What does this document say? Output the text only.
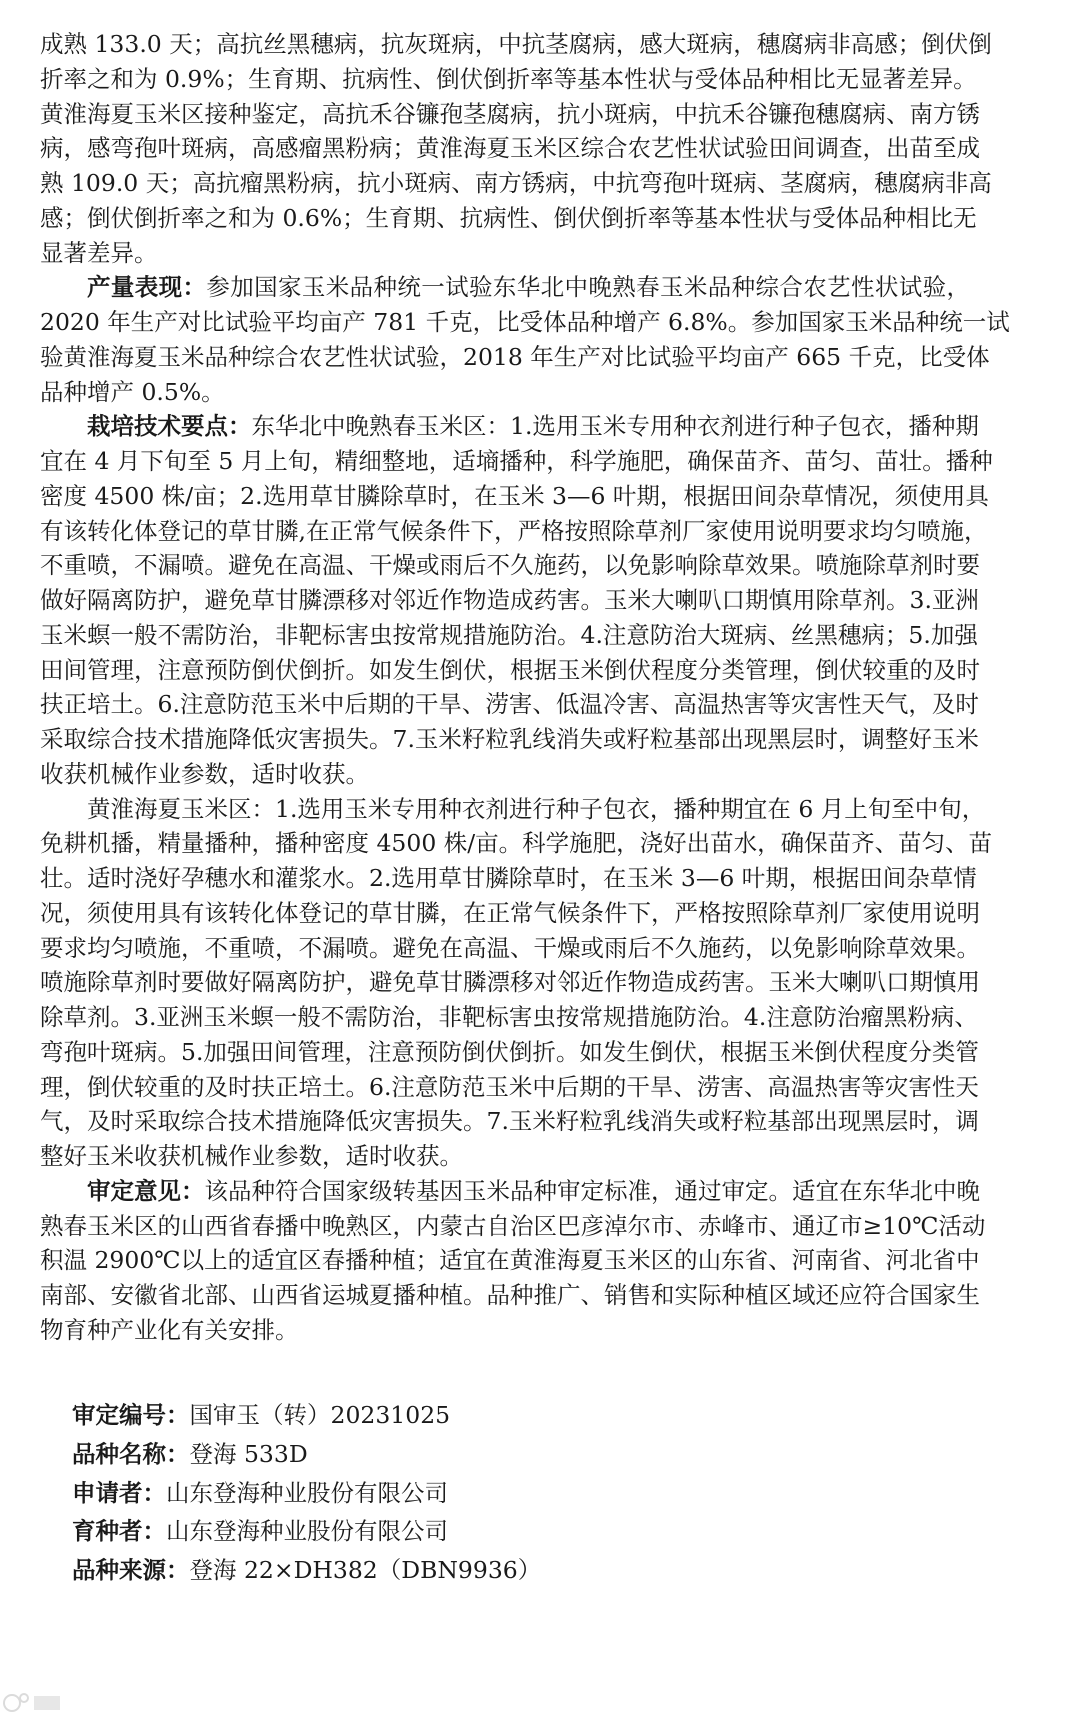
成熟 133.0 天；高抗丝黑穗病，抗灰斑病，中抗茎腐病，感大斑病，穗腐病非高感；倒伏倒
折率之和为 0.9%；生育期、抗病性、倒伏倒折率等基本性状与受体品种相比无显著差异。
黄淮海夏玉米区接种鉴定，高抗禾谷镰孢茎腐病，抗小斑病，中抗禾谷镰孢穗腐病、南方锈
病，感弯孢叶斑病，高感瘤黑粉病；黄淮海夏玉米区综合农艺性状试验田间调查，出苗至成
熟 109.0 天；高抗瘤黑粉病，抗小斑病、南方锈病，中抗弯孢叶斑病、茎腐病，穗腐病非高
感；倒伏倒折率之和为 0.6%；生育期、抗病性、倒伏倒折率等基本性状与受体品种相比无
显著差异。
产量表现：参加国家玉米品种统一试验东华北中晚熟春玉米品种综合农艺性状试验，
2020 年生产对比试验平均亩产 781 千克，比受体品种增产 6.8%。参加国家玉米品种统一试
验黄淮海夏玉米品种综合农艺性状试验，2018 年生产对比试验平均亩产 665 千克，比受体
品种增产 0.5%。
栽培技术要点：东华北中晚熟春玉米区：1.选用玉米专用种衣剂进行种子包衣，播种期
宜在 4 月下旬至 5 月上旬，精细整地，适墒播种，科学施肥，确保苗齐、苗匀、苗壮。播种
密度 4500 株/亩；2.选用草甘膦除草时，在玉米 3—6 叶期，根据田间杂草情况，须使用具
有该转化体登记的草甘膦,在正常气候条件下，严格按照除草剂厂家使用说明要求均匀喷施，
不重喷，不漏喷。避免在高温、干燥或雨后不久施药，以免影响除草效果。喷施除草剂时要
做好隔离防护，避免草甘膦漂移对邻近作物造成药害。玉米大喇叭口期慎用除草剂。3.亚洲
玉米螟一般不需防治，非靶标害虫按常规措施防治。4.注意防治大斑病、丝黑穗病；5.加强
田间管理，注意预防倒伏倒折。如发生倒伏，根据玉米倒伏程度分类管理，倒伏较重的及时
扶正培土。6.注意防范玉米中后期的干旱、涝害、低温冷害、高温热害等灾害性天气，及时
采取综合技术措施降低灾害损失。7.玉米籽粒乳线消失或籽粒基部出现黑层时，调整好玉米
收获机械作业参数，适时收获。
黄淮海夏玉米区：1.选用玉米专用种衣剂进行种子包衣，播种期宜在 6 月上旬至中旬，
免耕机播，精量播种，播种密度 4500 株/亩。科学施肥，浇好出苗水，确保苗齐、苗匀、苗
壮。适时浇好孕穗水和灌浆水。2.选用草甘膦除草时，在玉米 3—6 叶期，根据田间杂草情
况，须使用具有该转化体登记的草甘膦，在正常气候条件下，严格按照除草剂厂家使用说明
要求均匀喷施，不重喷，不漏喷。避免在高温、干燥或雨后不久施药，以免影响除草效果。
喷施除草剂时要做好隔离防护，避免草甘膦漂移对邻近作物造成药害。玉米大喇叭口期慎用
除草剂。3.亚洲玉米螟一般不需防治，非靶标害虫按常规措施防治。4.注意防治瘤黑粉病、
弯孢叶斑病。5.加强田间管理，注意预防倒伏倒折。如发生倒伏，根据玉米倒伏程度分类管
理，倒伏较重的及时扶正培土。6.注意防范玉米中后期的干旱、涝害、高温热害等灾害性天
气，及时采取综合技术措施降低灾害损失。7.玉米籽粒乳线消失或籽粒基部出现黑层时，调
整好玉米收获机械作业参数，适时收获。
审定意见：该品种符合国家级转基因玉米品种审定标准，通过审定。适宜在东华北中晚
熟春玉米区的山西省春播中晚熟区，内蒙古自治区巴彦淖尔市、赤峰市、通辽市≥10℃活动
积温 2900℃以上的适宜区春播种植；适宜在黄淮海夏玉米区的山东省、河南省、河北省中
南部、安徽省北部、山西省运城夏播种植。品种推广、销售和实际种植区域还应符合国家生
物育种产业化有关安排。
审定编号：国审玉（转）20231025
品种名称：登海 533D
申请者：山东登海种业股份有限公司
育种者：山东登海种业股份有限公司
品种来源：登海 22×DH382（DBN9936）
